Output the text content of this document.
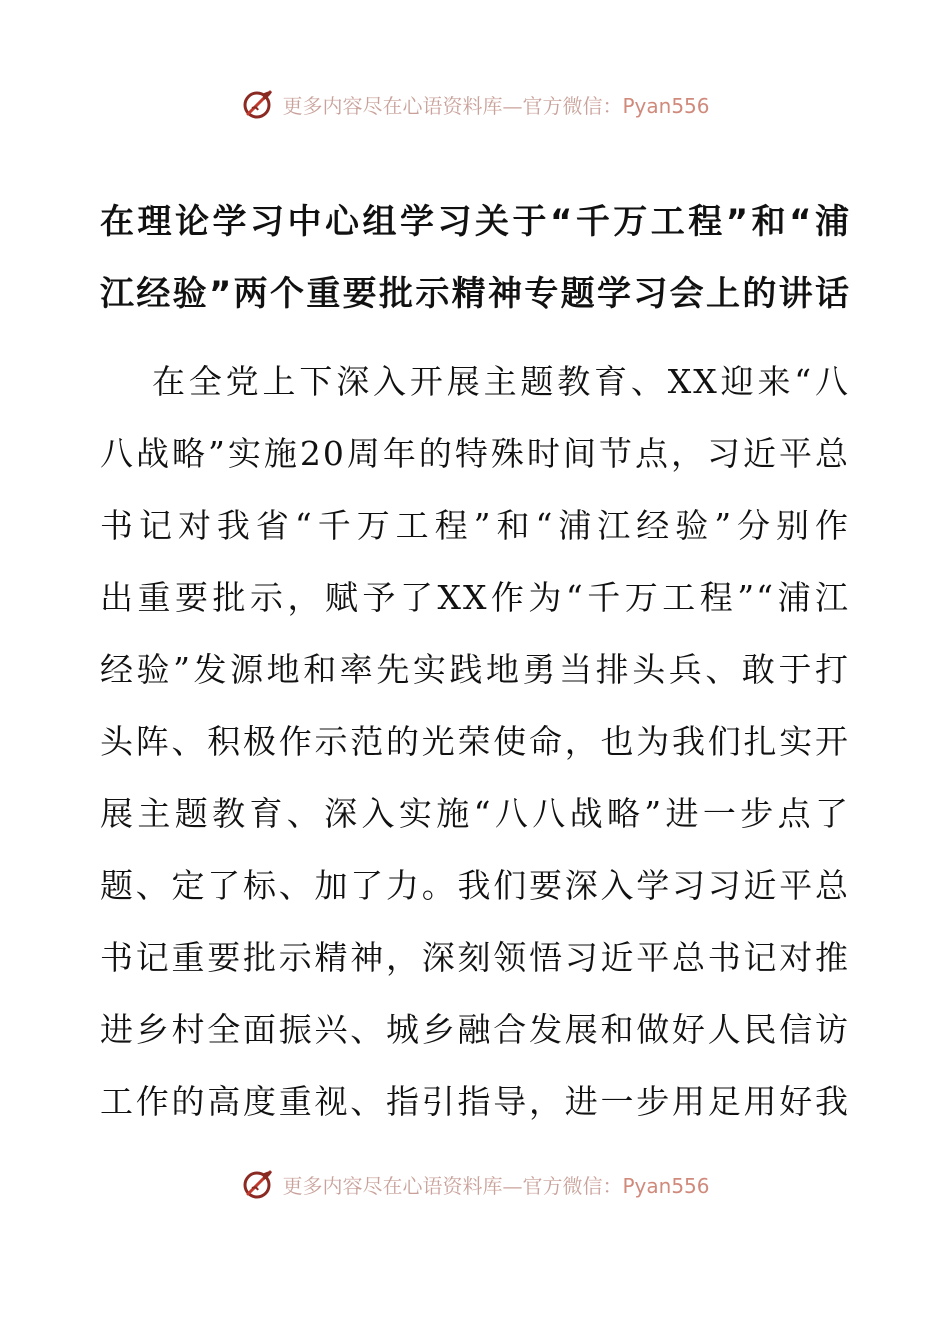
更多内容尽在心语资料库—官方微信：Pyan556
在理论学习中心组学习关于“千万工程”和“浦
江经验”两个重要批示精神专题学习会上的讲话
在全党上下深入开展主题教育、XX迎来“八
八战略”实施20周年的特殊时间节点，习近平总
书记对我省“千万工程”和“浦江经验”分别作
出重要批示，赋予了XX作为“千万工程”“浦江
经验”发源地和率先实践地勇当排头兵、敢于打
头阵、积极作示范的光荣使命，也为我们扎实开
展主题教育、深入实施“八八战略”进一步点了
题、定了标、加了力。我们要深入学习习近平总
书记重要批示精神，深刻领悟习近平总书记对推
进乡村全面振兴、城乡融合发展和做好人民信访
工作的高度重视、指引指导，进一步用足用好我
更多内容尽在心语资料库—官方微信：Pyan556
